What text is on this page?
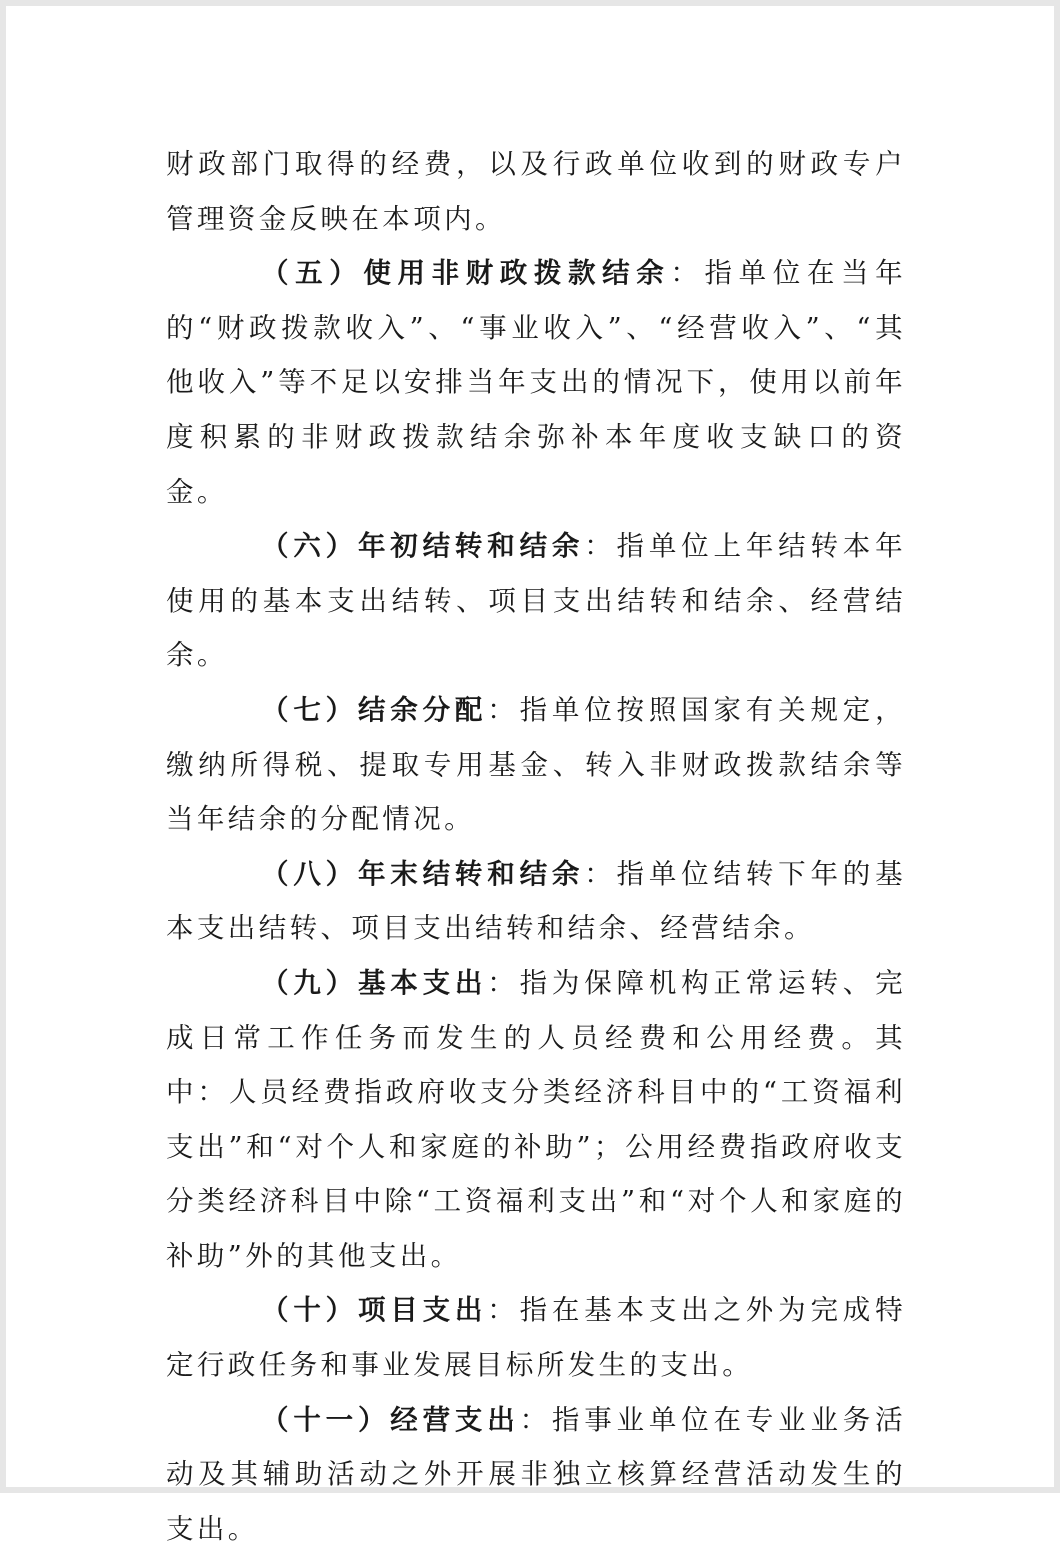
财政部门取得的经费，以及行政单位收到的财政专户管理资金反映在本项内。

（五）使用非财政拨款结余：指单位在当年的“财政拨款收入”、“事业收入”、“经营收入”、“其他收入”等不足以安排当年支出的情况下，使用以前年度积累的非财政拨款结余弥补本年度收支缺口的资金。

（六）年初结转和结余：指单位上年结转本年使用的基本支出结转、项目支出结转和结余、经营结余。

（七）结余分配：指单位按照国家有关规定，缴纳所得税、提取专用基金、转入非财政拨款结余等当年结余的分配情况。

（八）年末结转和结余：指单位结转下年的基本支出结转、项目支出结转和结余、经营结余。

（九）基本支出：指为保障机构正常运转、完成日常工作任务而发生的人员经费和公用经费。其中：人员经费指政府收支分类经济科目中的“工资福利支出”和“对个人和家庭的补助”；公用经费指政府收支分类经济科目中除“工资福利支出”和“对个人和家庭的补助”外的其他支出。

（十）项目支出：指在基本支出之外为完成特定行政任务和事业发展目标所发生的支出。

（十一）经营支出：指事业单位在专业业务活动及其辅助活动之外开展非独立核算经营活动发生的支出。
